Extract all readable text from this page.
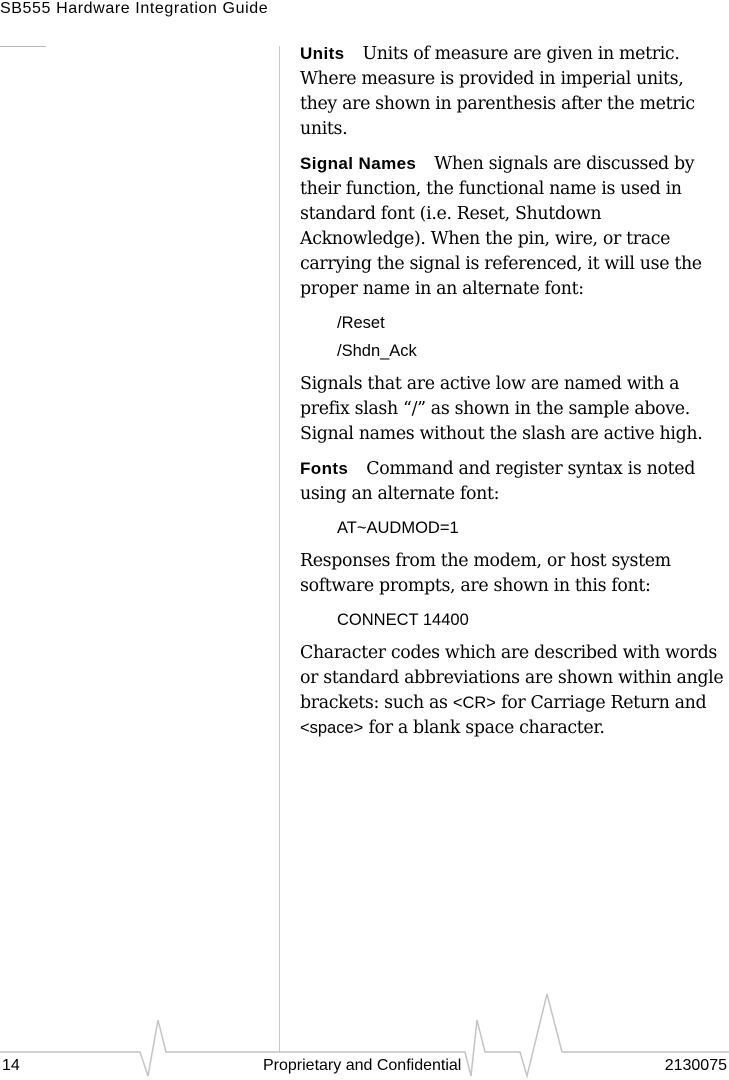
SB555 Hardware Integration Guide

Units Units of measure are given in metric. Where measure is provided in imperial units, they are shown in parenthesis after the metric units.

Signal Names When signals are discussed by their function, the functional name is used in standard font (i.e. Reset, Shutdown Acknowledge). When the pin, wire, or trace carrying the signal is referenced, it will use the proper name in an alternate font:

/Reset
/Shdn_Ack

Signals that are active low are named with a prefix slash “/” as shown in the sample above. Signal names without the slash are active high.

Fonts Command and register syntax is noted using an alternate font:

AT~AUDMOD=1

Responses from the modem, or host system software prompts, are shown in this font:

CONNECT 14400

Character codes which are described with words or standard abbreviations are shown within angle brackets: such as <CR> for Carriage Return and <space> for a blank space character.

14	Proprietary and Confidential	2130075
